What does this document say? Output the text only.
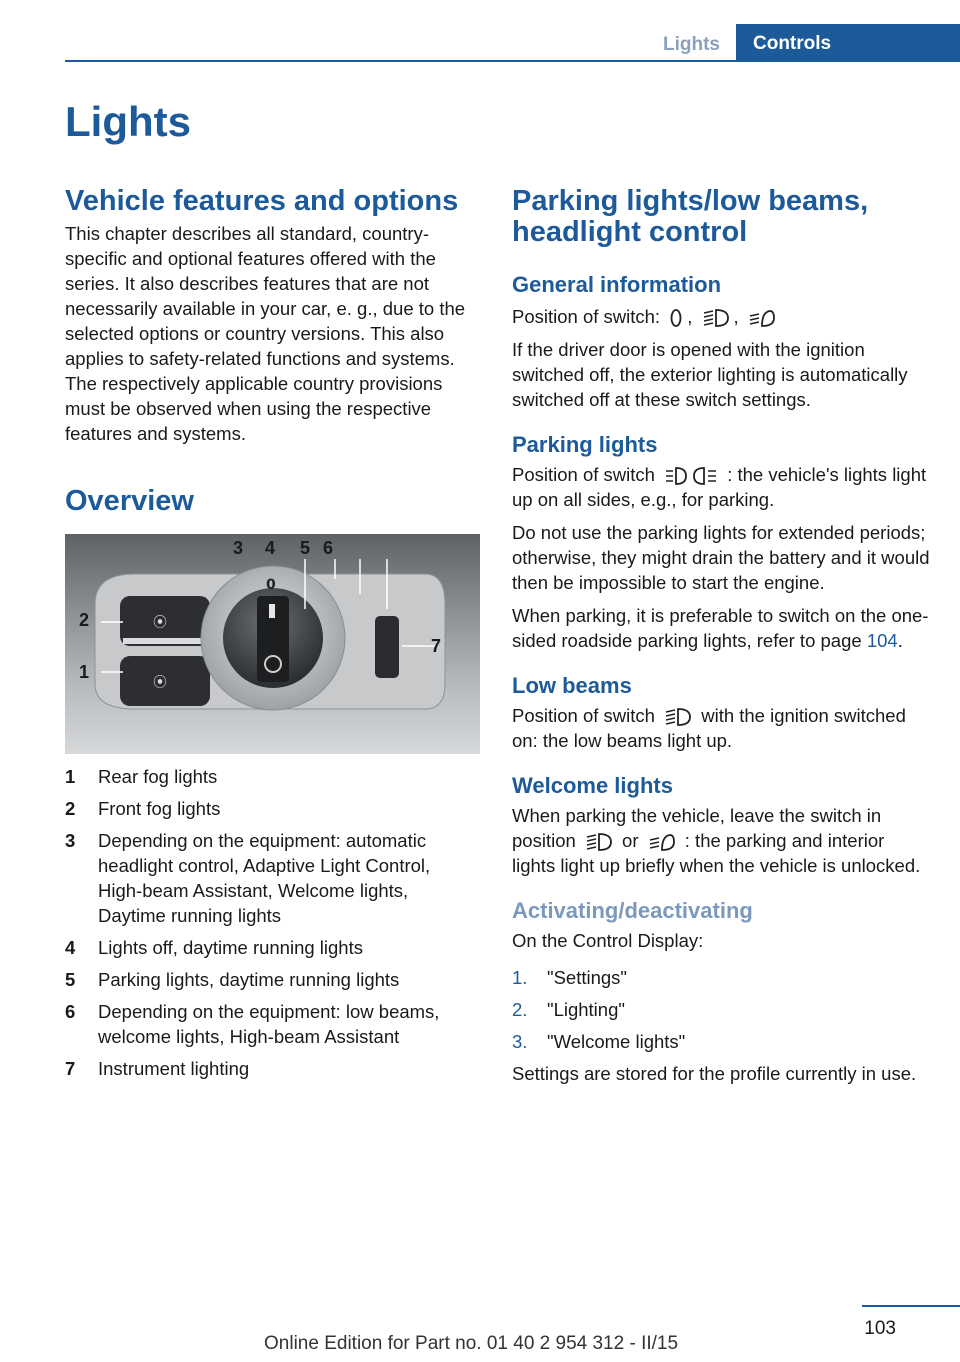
Lights	Controls
Lights
Vehicle features and options

This chapter describes all standard, country-specific and optional features offered with the series. It also describes features that are not necessarily available in your car, e. g., due to the selected options or country versions. This also applies to safety-related functions and systems. The respectively applicable country provisions must be observed when using the respective features and systems.

Overview
⦿
⦿
0
1
2
3 4 5 6
7
1	Rear fog lights
2	Front fog lights
3	Depending on the equipment: automatic headlight control, Adaptive Light Control, High-beam Assistant, Welcome lights, Daytime running lights
4	Lights off, daytime running lights
5	Parking lights, daytime running lights
6	Depending on the equipment: low beams, welcome lights, High-beam Assistant
7	Instrument lighting
Parking lights/low beams, headlight control
General information

Position of switch: , ,

If the driver door is opened with the ignition switched off, the exterior lighting is automatically switched off at these switch settings.

Parking lights

Position of switch	: the vehicle's lights light up on all sides, e.g., for parking.

Do not use the parking lights for extended periods; otherwise, they might drain the battery and it would then be impossible to start the engine.

When parking, it is preferable to switch on the one-sided roadside parking lights, refer to page 104.

Low beams

Position of switch	with the ignition switched on: the low beams light up.

Welcome lights

When parking the vehicle, leave the switch in position	or	: the parking and interior lights light up briefly when the vehicle is unlocked.

Activating/deactivating

On the Control Display:

1.	"Settings"
2.	"Lighting"
3.	"Welcome lights"

Settings are stored for the profile currently in use.

103
Online Edition for Part no. 01 40 2 954 312 - II/15
